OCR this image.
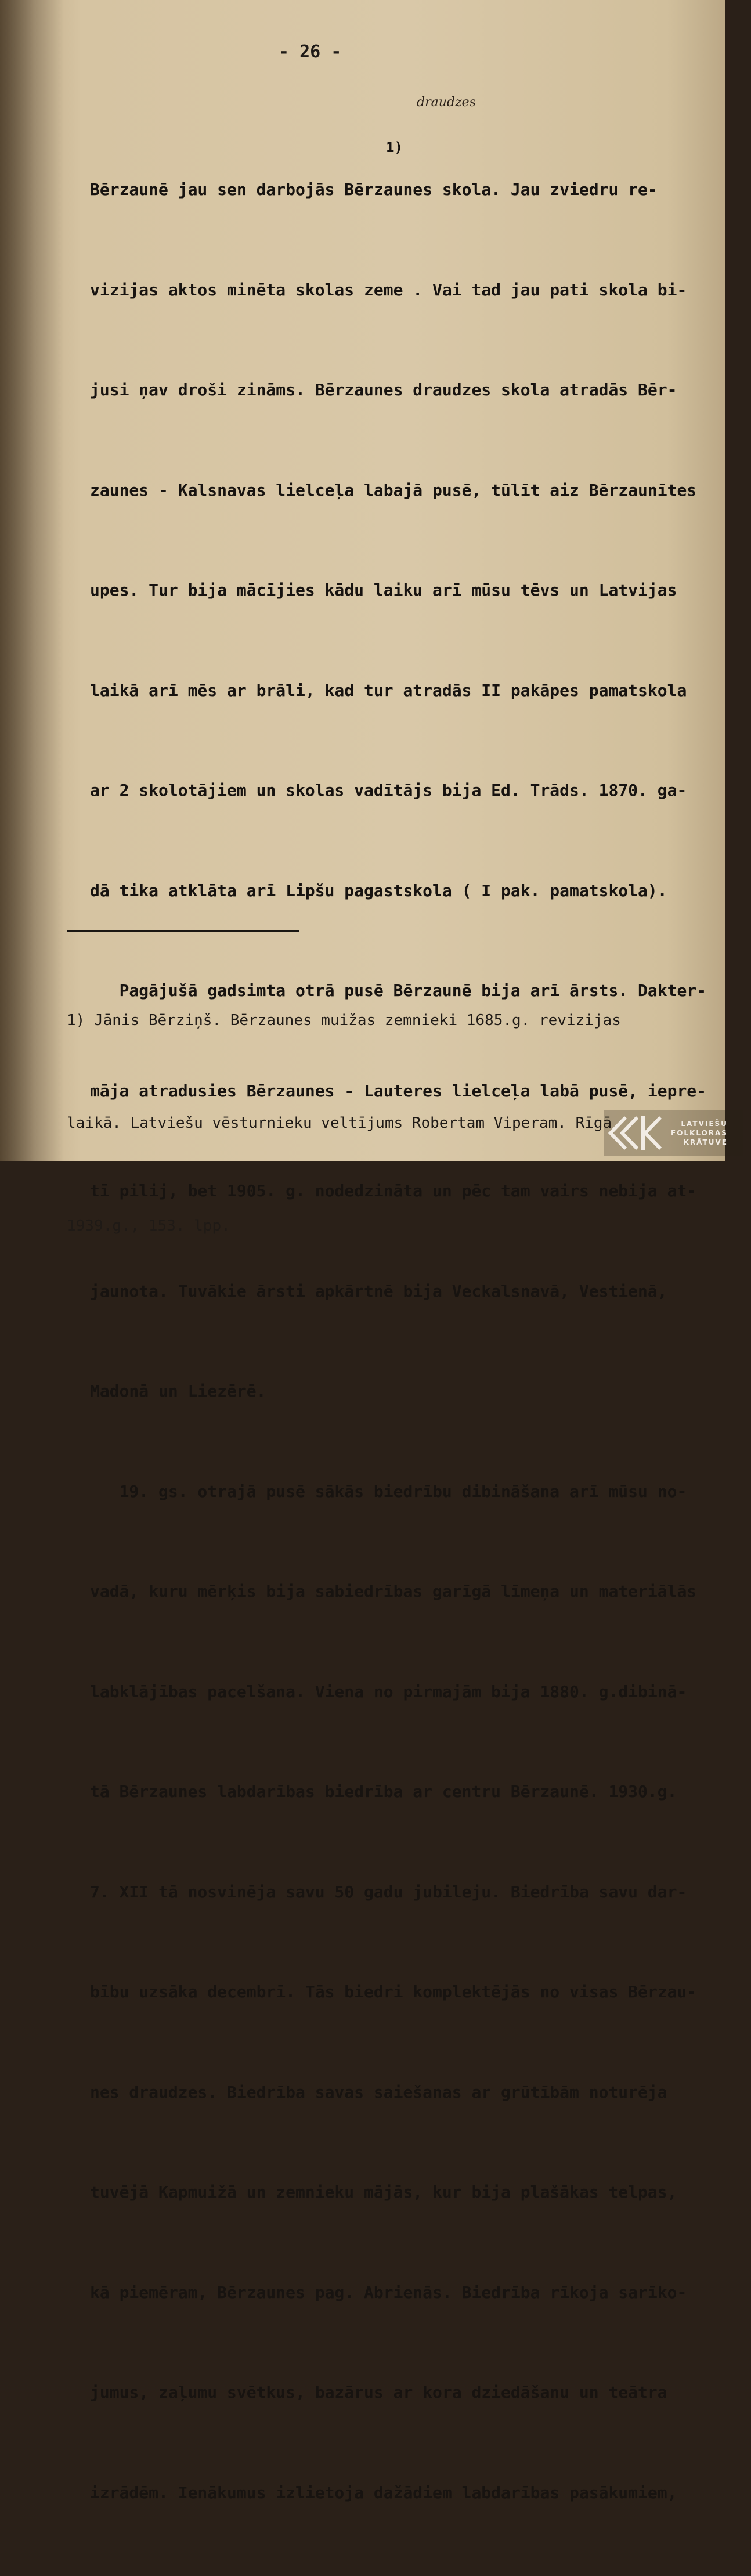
- 26 -
draudzes
1)

Bērzaunē jau sen darbojās Bērzaunes skola. Jau zviedru re-

vizijas aktos minēta skolas zeme . Vai tad jau pati skola bi-

jusi ņav droši zināms. Bērzaunes draudzes skola atradās Bēr-

zaunes - Kalsnavas lielceļa labajā pusē, tūlīt aiz Bērzaunītes

upes. Tur bija mācījies kādu laiku arī mūsu tēvs un Latvijas

laikā arī mēs ar brāli, kad tur atradās II pakāpes pamatskola

ar 2 skolotājiem un skolas vadītājs bija Ed. Trāds. 1870. ga-

dā tika atklāta arī Lipšu pagastskola ( I pak. pamatskola).

Pagājušā gadsimta otrā pusē Bērzaunē bija arī ārsts. Dakter-

māja atradusies Bērzaunes - Lauteres lielceļa labā pusē, iepre-

tī pilij, bet 1905. g. nodedzināta un pēc tam vairs nebija at-

jaunota. Tuvākie ārsti apkārtnē bija Veckalsnavā, Vestienā,

Madonā un Liezērē.

19. gs. otrajā pusē sākās biedrību dibināšana arī mūsu no-

vadā, kuru mērķis bija sabiedrības garīgā līmeņa un materiālās

labklājības pacelšana. Viena no pirmajām bija 1880. g.dibinā-

tā Bērzaunes labdarības biedrība ar centru Bērzaunē. 1930.g.

7. XII tā nosvinēja savu 50 gadu jubileju. Biedrība savu dar-

bību uzsāka decembrī. Tās biedri komplektējās no visas Bērzau-

nes draudzes. Biedrība savas saiešanas ar grūtībām noturēja

tuvējā Kapmuižā un zemnieku mājās, kur bija plašākas telpas,

kā piemēram, Bērzaunes pag. Abrienās. Biedrība rīkoja sarīko-

jumus, zaļumu svētkus, bazārus ar kora dziedāšanu un teātra

izrādēm. Ienākumus izlietoja dažādiem labdarības pasākumiem,

1) Jānis Bērziņš. Bērzaunes muižas zemnieki 1685.g. revizijas

laikā. Latviešu vēsturnieku veltījums Robertam Viperam. Rīgā

1939.g., 153. lpp.

LATVIEŠU
FOLKLORAS
KRĀTUVE
